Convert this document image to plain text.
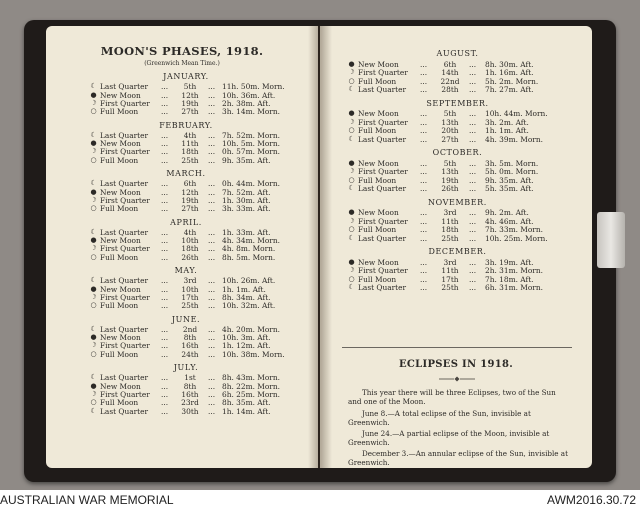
MOON'S PHASES, 1918.
(Greenwich Mean Time.)
JANUARY.
☾ Last Quarter ...	5th	... 11h. 50m. Morn.
● New Moon	...	12th	... 10h. 36m. Aft.
☽ First Quarter ...	19th	... 2h. 38m. Aft.
○ Full Moon	...	27th	... 3h. 14m. Morn.
FEBRUARY.
☾ Last Quarter ...	4th	... 7h. 52m. Morn.
● New Moon	...	11th	... 10h. 5m. Morn.
☽ First Quarter ...	18th	... 0h. 57m. Morn.
○ Full Moon	...	25th	... 9h. 35m. Aft.
MARCH.
☾ Last Quarter ...	6th	... 0h. 44m. Morn.
● New Moon	...	12th	... 7h. 52m. Aft.
☽ First Quarter ...	19th	... 1h. 30m. Aft.
○ Full Moon	...	27th	... 3h. 33m. Aft.
APRIL.
☾ Last Quarter ...	4th	... 1h. 33m. Aft.
● New Moon	...	10th	... 4h. 34m. Morn.
☽ First Quarter ...	18th	... 4h. 8m. Morn.
○ Full Moon	...	26th	... 8h. 5m. Morn.
MAY.
☾ Last Quarter ...	3rd	... 10h. 26m. Aft.
● New Moon	...	10th	... 1h. 1m. Aft.
☽ First Quarter ...	17th	... 8h. 34m. Aft.
○ Full Moon	...	25th	... 10h. 32m. Aft.
JUNE.
☾ Last Quarter ...	2nd	... 4h. 20m. Morn.
● New Moon	...	8th	... 10h. 3m. Aft.
☽ First Quarter ...	16th	... 1h. 12m. Aft.
○ Full Moon	...	24th	... 10h. 38m. Morn.
JULY.
☾ Last Quarter ...	1st	... 8h. 43m. Morn.
● New Moon	...	8th	... 8h. 22m. Morn.
☽ First Quarter ...	16th	... 6h. 25m. Morn.
○ Full Moon	...	23rd	... 8h. 35m. Aft.
☾ Last Quarter ...	30th	... 1h. 14m. Aft.
ECLIPSES IN 1918.
This year there will be three Eclipses, two of the Sun and one of the Moon.
June 8.—A total eclipse of the Sun, invisible at Greenwich.
June 24.—A partial eclipse of the Moon, invisible at Greenwich.
December 3.—An annular eclipse of the Sun, invisible at Greenwich.
AUGUST.
● New Moon	...	6th	... 8h. 30m. Aft.
☽ First Quarter ...	14th	... 1h. 16m. Aft.
○ Full Moon	...	22nd	... 5h. 2m. Morn.
☾ Last Quarter ...	28th	... 7h. 27m. Aft.
SEPTEMBER.
● New Moon	...	5th	... 10h. 44m. Morn.
☽ First Quarter ...	13th	... 3h. 2m. Aft.
○ Full Moon	...	20th	... 1h. 1m. Aft.
☾ Last Quarter ...	27th	... 4h. 39m. Morn.
OCTOBER.
● New Moon	...	5th	... 3h. 5m. Morn.
☽ First Quarter ...	13th	... 5h. 0m. Morn.
○ Full Moon	...	19th	... 9h. 35m. Aft.
☾ Last Quarter ...	26th	... 5h. 35m. Aft.
NOVEMBER.
● New Moon	...	3rd	... 9h. 2m. Aft.
☽ First Quarter ...	11th	... 4h. 46m. Aft.
○ Full Moon	...	18th	... 7h. 33m. Morn.
☾ Last Quarter ...	25th	... 10h. 25m. Morn.
DECEMBER.
● New Moon	...	3rd	... 3h. 19m. Aft.
☽ First Quarter ...	11th	... 2h. 31m. Morn.
○ Full Moon	...	17th	... 7h. 18m. Aft.
☾ Last Quarter ...	25th	... 6h. 31m. Morn.
AUSTRALIAN WAR MEMORIAL	AWM2016.30.72
